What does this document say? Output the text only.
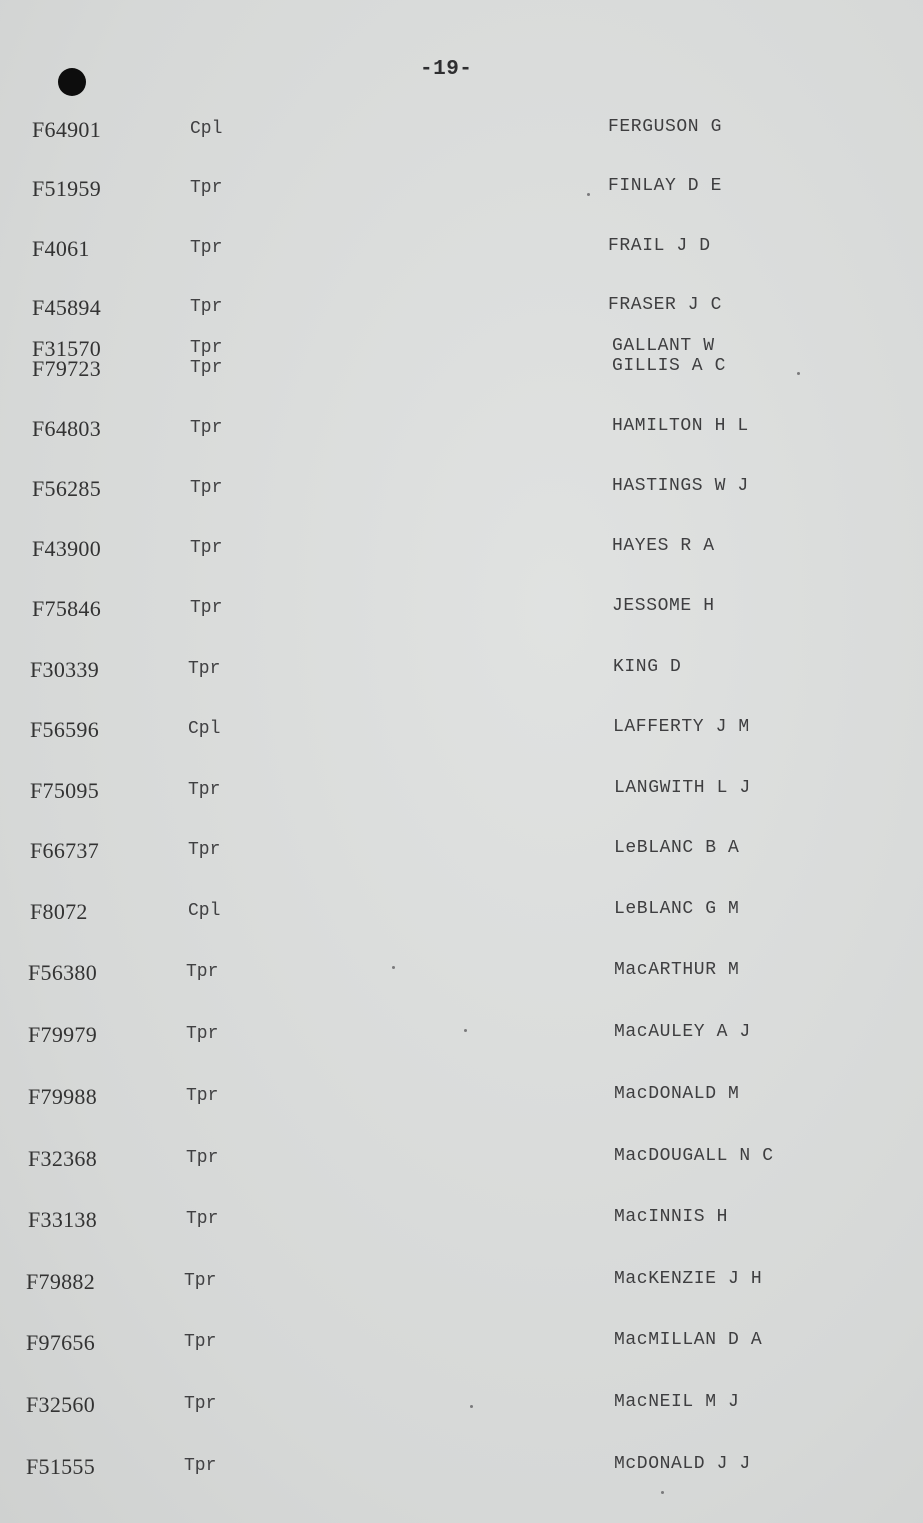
-19-
F64901	Cpl	FERGUSON G
F51959	Tpr	FINLAY D E
F4061	Tpr	FRAIL J D
F45894	Tpr	FRASER J C
F31570	Tpr	GALLANT W
F79723	Tpr	GILLIS A C
F64803	Tpr	HAMILTON H L
F56285	Tpr	HASTINGS W J
F43900	Tpr	HAYES R A
F75846	Tpr	JESSOME H
F30339	Tpr	KING D
F56596	Cpl	LAFFERTY J M
F75095	Tpr	LANGWITH L J
F66737	Tpr	LeBLANC B A
F8072	Cpl	LeBLANC G M
F56380	Tpr	MacARTHUR M
F79979	Tpr	MacAULEY A J
F79988	Tpr	MacDONALD M
F32368	Tpr	MacDOUGALL N C
F33138	Tpr	MacINNIS H
F79882	Tpr	MacKENZIE J H
F97656	Tpr	MacMILLAN D A
F32560	Tpr	MacNEIL M J
F51555	Tpr	McDONALD J J
